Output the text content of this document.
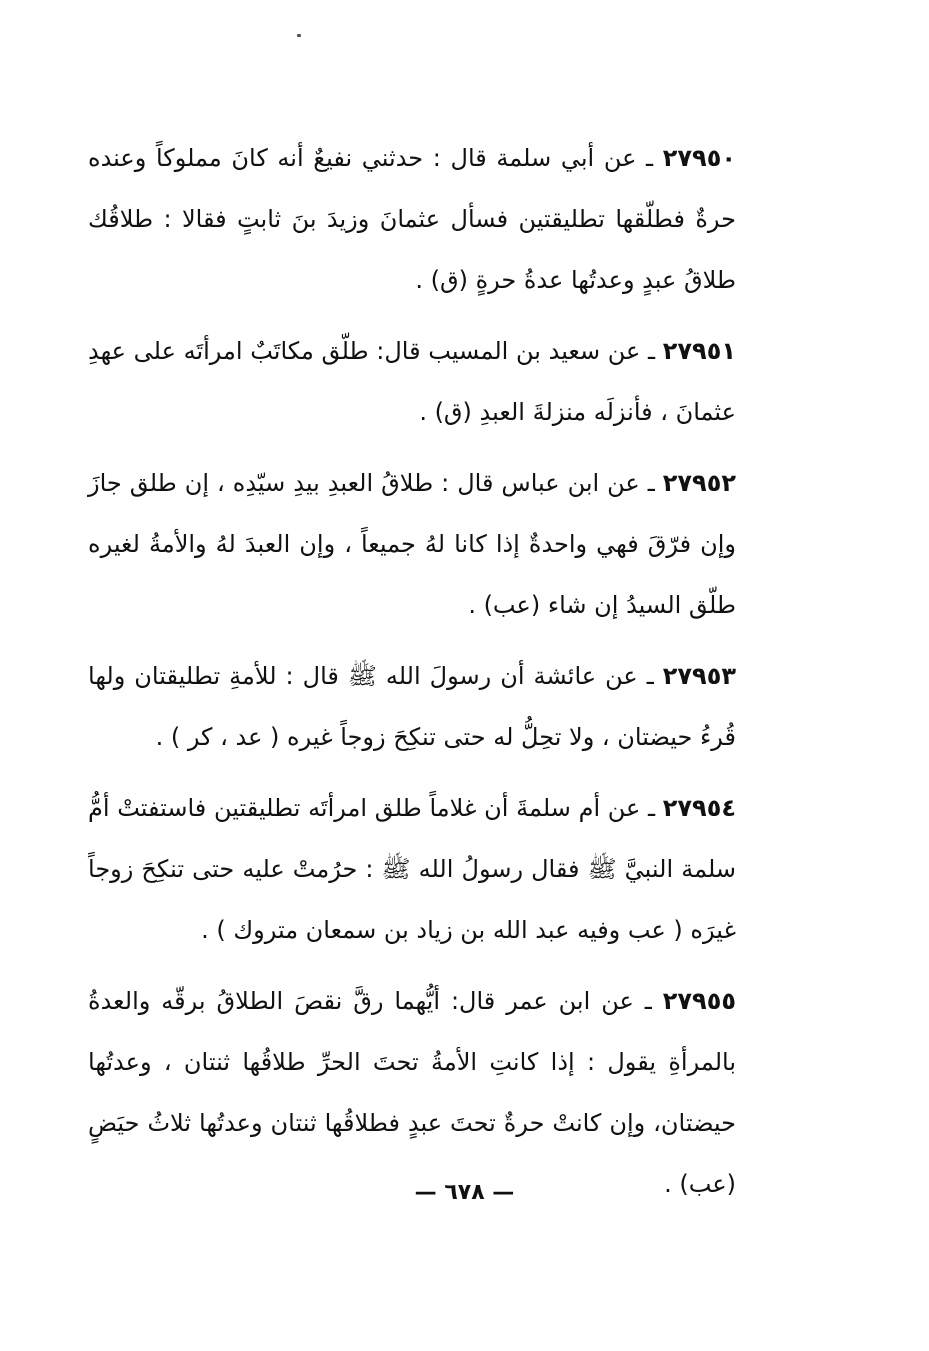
٢٧٩٥٠ ـ عن أبي سلمة قال : حدثني نفيعٌ أنه كانَ مملوكاً وعنده حرةٌ فطلّقها تطليقتين فسأل عثمانَ وزيدَ بنَ ثابتٍ فقالا : طلاقُك طلاقُ عبدٍ وعدتُها عدةُ حرةٍ (ق) .

٢٧٩٥١ ـ عن سعيد بن المسيب قال: طلّق مكاتَبٌ امرأتَه على عهدِ عثمانَ ، فأنزلَه منزلةَ العبدِ (ق) .

٢٧٩٥٢ ـ عن ابن عباس قال : طلاقُ العبدِ بيدِ سيّدِه ، إن طلق جازَ وإن فرّقَ فهي واحدةٌ إذا كانا لهُ جميعاً ، وإن العبدَ لهُ والأمةُ لغيره طلّق السيدُ إن شاء (عب) .

٢٧٩٥٣ ـ عن عائشة أن رسولَ الله ﷺ قال : للأمةِ تطليقتان ولها قُرءُ حيضتان ، ولا تحِلُّ له حتى تنكِحَ زوجاً غيره ( عد ، كر ) .

٢٧٩٥٤ ـ عن أم سلمةَ أن غلاماً طلق امرأتَه تطليقتين فاستفتتْ أمُّ سلمة النبيَّ ﷺ فقال رسولُ الله ﷺ : حرُمتْ عليه حتى تنكِحَ زوجاً غيرَه ( عب وفيه عبد الله بن زياد بن سمعان متروك ) .

٢٧٩٥٥ ـ عن ابن عمر قال: أيُّهما رقَّ نقصَ الطلاقُ برقّه والعدةُ بالمرأةِ يقول : إذا كانتِ الأمةُ تحتَ الحرِّ طلاقُها ثنتان ، وعدتُها حيضتان، وإن كانتْ حرةٌ تحتَ عبدٍ فطلاقُها ثنتان وعدتُها ثلاثُ حيَضٍ (عب) .

— ٦٧٨ —
